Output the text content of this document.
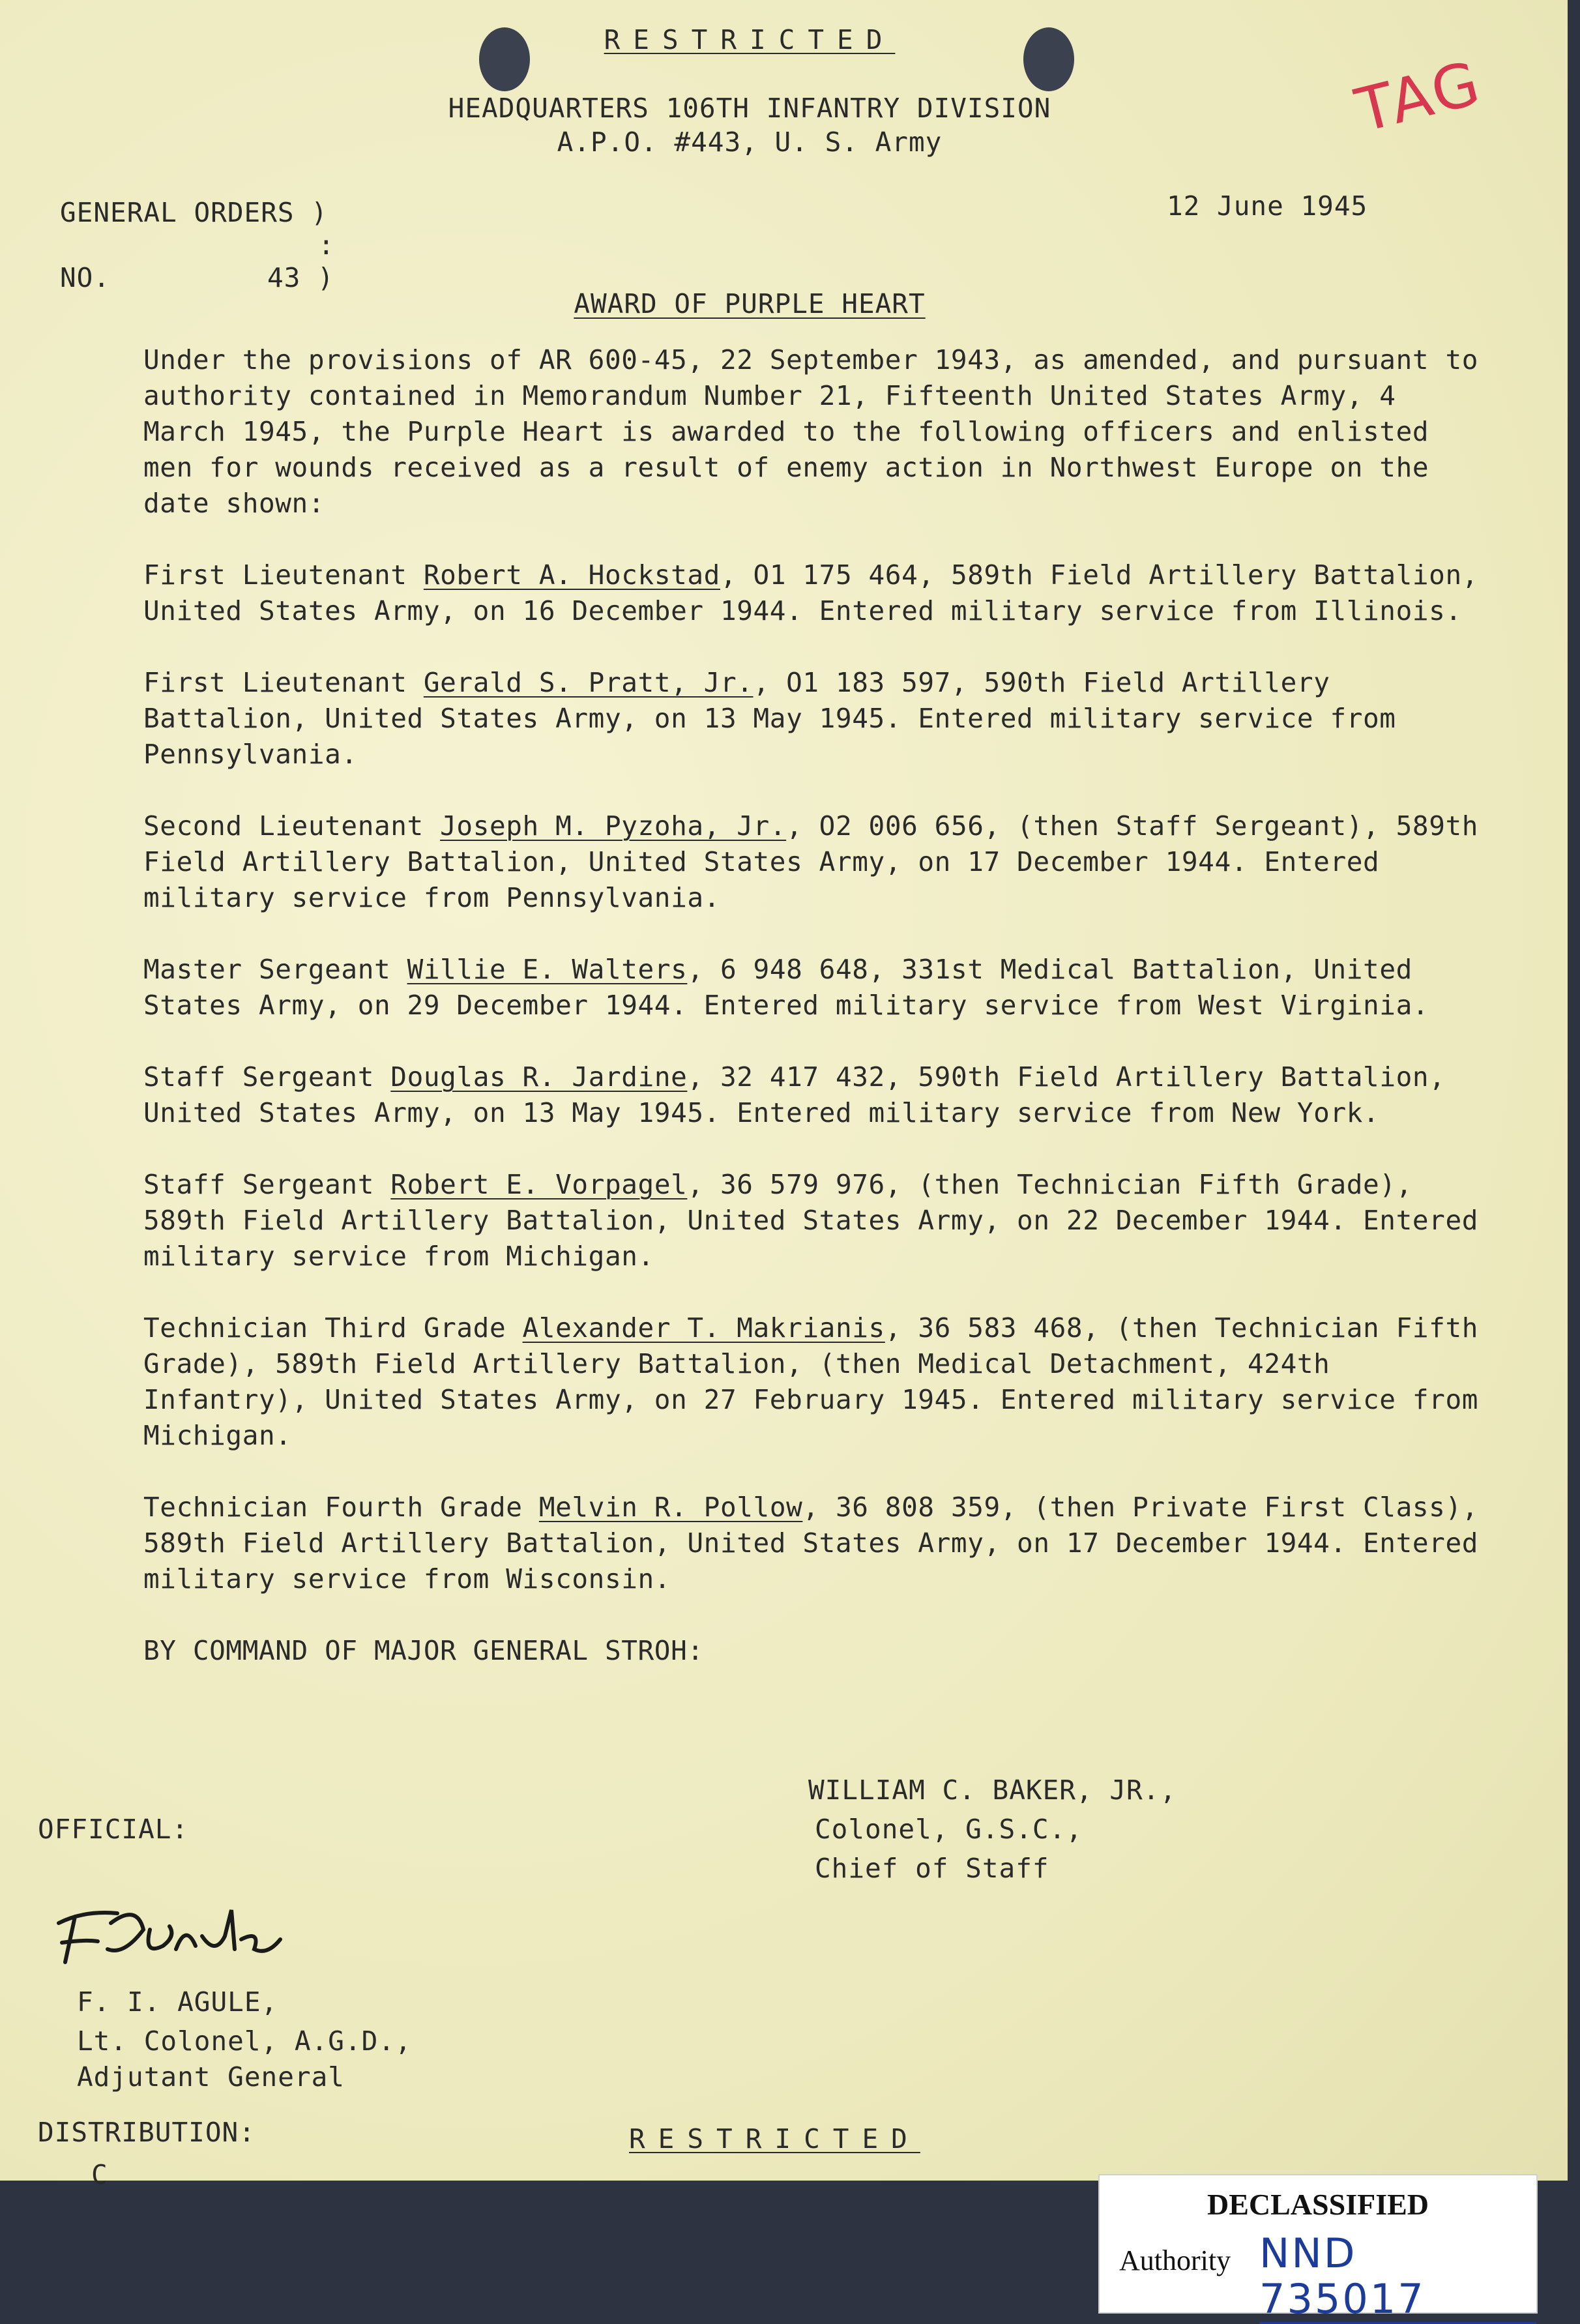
RESTRICTED
HEADQUARTERS 106TH INFANTRY DIVISION
A.P.O. #443, U. S. Army	TAG
GENERAL ORDERS )
:
NO.	43 )
12 June 1945
AWARD OF PURPLE HEART

Under the provisions of AR 600-45, 22 September 1943, as amended, and pursuant to authority contained in Memorandum Number 21, Fifteenth United States Army, 4 March 1945, the Purple Heart is awarded to the following officers and enlisted men for wounds received as a result of enemy action in Northwest Europe on the date shown:

First Lieutenant Robert A. Hockstad, O1 175 464, 589th Field Artillery Battalion, United States Army, on 16 December 1944. Entered military service from Illinois.

First Lieutenant Gerald S. Pratt, Jr., O1 183 597, 590th Field Artillery Battalion, United States Army, on 13 May 1945. Entered military service from Pennsylvania.

Second Lieutenant Joseph M. Pyzoha, Jr., O2 006 656, (then Staff Sergeant), 589th Field Artillery Battalion, United States Army, on 17 December 1944. Entered military service from Pennsylvania.

Master Sergeant Willie E. Walters, 6 948 648, 331st Medical Battalion, United States Army, on 29 December 1944. Entered military service from West Virginia.

Staff Sergeant Douglas R. Jardine, 32 417 432, 590th Field Artillery Battalion, United States Army, on 13 May 1945. Entered military service from New York.

Staff Sergeant Robert E. Vorpagel, 36 579 976, (then Technician Fifth Grade), 589th Field Artillery Battalion, United States Army, on 22 December 1944. Entered military service from Michigan.

Technician Third Grade Alexander T. Makrianis, 36 583 468, (then Technician Fifth Grade), 589th Field Artillery Battalion, (then Medical Detachment, 424th Infantry), United States Army, on 27 February 1945. Entered military service from Michigan.

Technician Fourth Grade Melvin R. Pollow, 36 808 359, (then Private First Class), 589th Field Artillery Battalion, United States Army, on 17 December 1944. Entered military service from Wisconsin.

BY COMMAND OF MAJOR GENERAL STROH:

WILLIAM C. BAKER, JR.,
Colonel, G.S.C.,
Chief of Staff
OFFICIAL:
F. I. AGULE,
Lt. Colonel, A.G.D.,
Adjutant General
DISTRIBUTION:
C
RESTRICTED
DECLASSIFIED
Authority NND 735017
